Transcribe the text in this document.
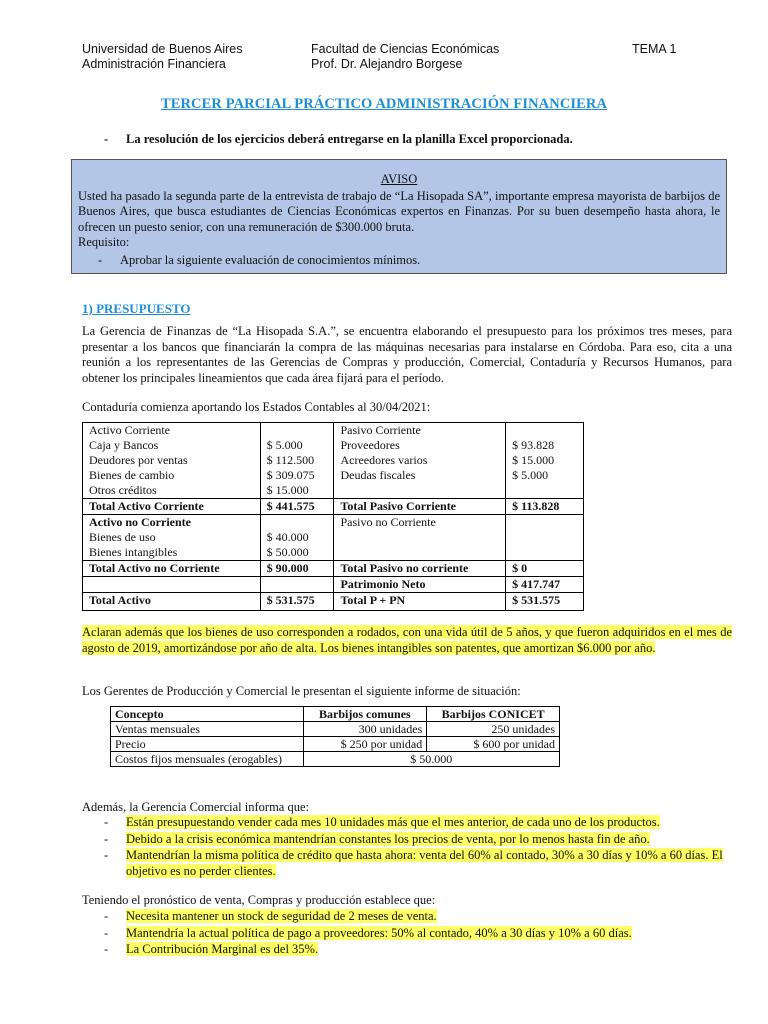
Universidad de Buenos Aires
Administración Financiera
Facultad de Ciencias Económicas
Prof. Dr. Alejandro Borgese
TEMA 1
TERCER PARCIAL PRÁCTICO ADMINISTRACIÓN FINANCIERA
- La resolución de los ejercicios deberá entregarse en la planilla Excel proporcionada.
AVISO

Usted ha pasado la segunda parte de la entrevista de trabajo de “La Hisopada SA”, importante empresa mayorista de barbijos de Buenos Aires, que busca estudiantes de Ciencias Económicas expertos en Finanzas. Por su buen desempeño hasta ahora, le ofrecen un puesto senior, con una remuneración de $300.000 bruta.

Requisito:

- Aprobar la siguiente evaluación de conocimientos mínimos.

1) PRESUPUESTO

La Gerencia de Finanzas de “La Hisopada S.A.”, se encuentra elaborando el presupuesto para los próximos tres meses, para presentar a los bancos que financiarán la compra de las máquinas necesarias para instalarse en Córdoba. Para eso, cita a una reunión a los representantes de las Gerencias de Compras y producción, Comercial, Contaduría y Recursos Humanos, para obtener los principales lineamientos que cada área fijará para el período.

Contaduría comienza aportando los Estados Contables al 30/04/2021:

Activo Corriente		Pasivo Corriente	
Caja y Bancos	$ 5.000	Proveedores	$ 93.828
Deudores por ventas	$ 112.500	Acreedores varios	$ 15.000
Bienes de cambio	$ 309.075	Deudas fiscales	$ 5.000
Otros créditos	$ 15.000		
Total Activo Corriente	$ 441.575	Total Pasivo Corriente	$ 113.828
Activo no Corriente		Pasivo no Corriente	
Bienes de uso	$ 40.000		
Bienes intangibles	$ 50.000		
Total Activo no Corriente	$ 90.000	Total Pasivo no corriente	$ 0
		Patrimonio Neto	$ 417.747
Total Activo	$ 531.575	Total P + PN	$ 531.575

Aclaran además que los bienes de uso corresponden a rodados, con una vida útil de 5 años, y que fueron adquiridos en el mes de agosto de 2019, amortizándose por año de alta. Los bienes intangibles son patentes, que amortizan $6.000 por año.

Los Gerentes de Producción y Comercial le presentan el siguiente informe de situación:

Concepto	Barbijos comunes	Barbijos CONICET
Ventas mensuales	300 unidades	250 unidades
Precio	$ 250 por unidad	$ 600 por unidad
Costos fijos mensuales (erogables)	$ 50.000	

Además, la Gerencia Comercial informa que:

- Están presupuestando vender cada mes 10 unidades más que el mes anterior, de cada uno de los productos.
- Debido a la crisis económica mantendrían constantes los precios de venta, por lo menos hasta fin de año.
- Mantendrían la misma política de crédito que hasta ahora: venta del 60% al contado, 30% a 30 días y 10% a 60 días. El objetivo es no perder clientes.

Teniendo el pronóstico de venta, Compras y producción establece que:

- Necesita mantener un stock de seguridad de 2 meses de venta.
- Mantendría la actual política de pago a proveedores: 50% al contado, 40% a 30 días y 10% a 60 días.
- La Contribución Marginal es del 35%.
